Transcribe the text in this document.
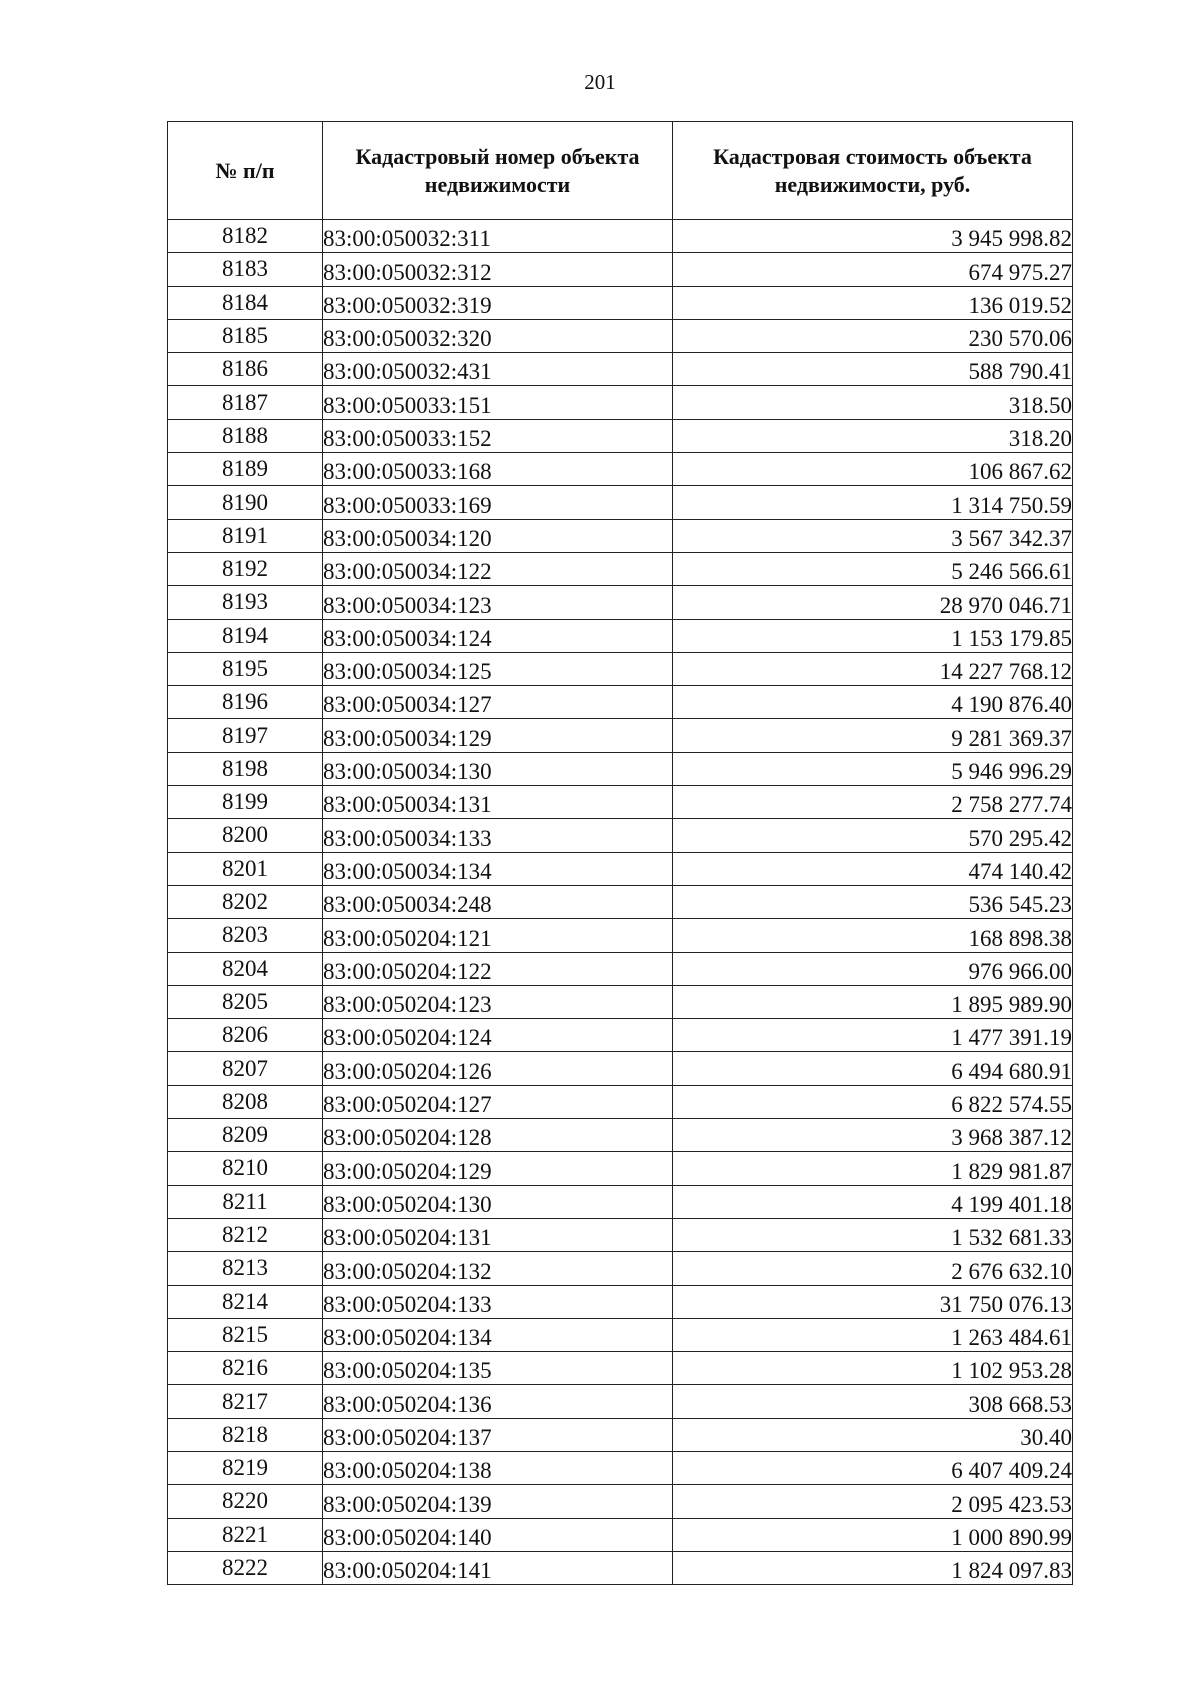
201
№ п/п	Кадастровый номер объекта недвижимости	Кадастровая стоимость объекта недвижимости, руб.
8182	83:00:050032:311	3 945 998.82
8183	83:00:050032:312	674 975.27
8184	83:00:050032:319	136 019.52
8185	83:00:050032:320	230 570.06
8186	83:00:050032:431	588 790.41
8187	83:00:050033:151	318.50
8188	83:00:050033:152	318.20
8189	83:00:050033:168	106 867.62
8190	83:00:050033:169	1 314 750.59
8191	83:00:050034:120	3 567 342.37
8192	83:00:050034:122	5 246 566.61
8193	83:00:050034:123	28 970 046.71
8194	83:00:050034:124	1 153 179.85
8195	83:00:050034:125	14 227 768.12
8196	83:00:050034:127	4 190 876.40
8197	83:00:050034:129	9 281 369.37
8198	83:00:050034:130	5 946 996.29
8199	83:00:050034:131	2 758 277.74
8200	83:00:050034:133	570 295.42
8201	83:00:050034:134	474 140.42
8202	83:00:050034:248	536 545.23
8203	83:00:050204:121	168 898.38
8204	83:00:050204:122	976 966.00
8205	83:00:050204:123	1 895 989.90
8206	83:00:050204:124	1 477 391.19
8207	83:00:050204:126	6 494 680.91
8208	83:00:050204:127	6 822 574.55
8209	83:00:050204:128	3 968 387.12
8210	83:00:050204:129	1 829 981.87
8211	83:00:050204:130	4 199 401.18
8212	83:00:050204:131	1 532 681.33
8213	83:00:050204:132	2 676 632.10
8214	83:00:050204:133	31 750 076.13
8215	83:00:050204:134	1 263 484.61
8216	83:00:050204:135	1 102 953.28
8217	83:00:050204:136	308 668.53
8218	83:00:050204:137	30.40
8219	83:00:050204:138	6 407 409.24
8220	83:00:050204:139	2 095 423.53
8221	83:00:050204:140	1 000 890.99
8222	83:00:050204:141	1 824 097.83
